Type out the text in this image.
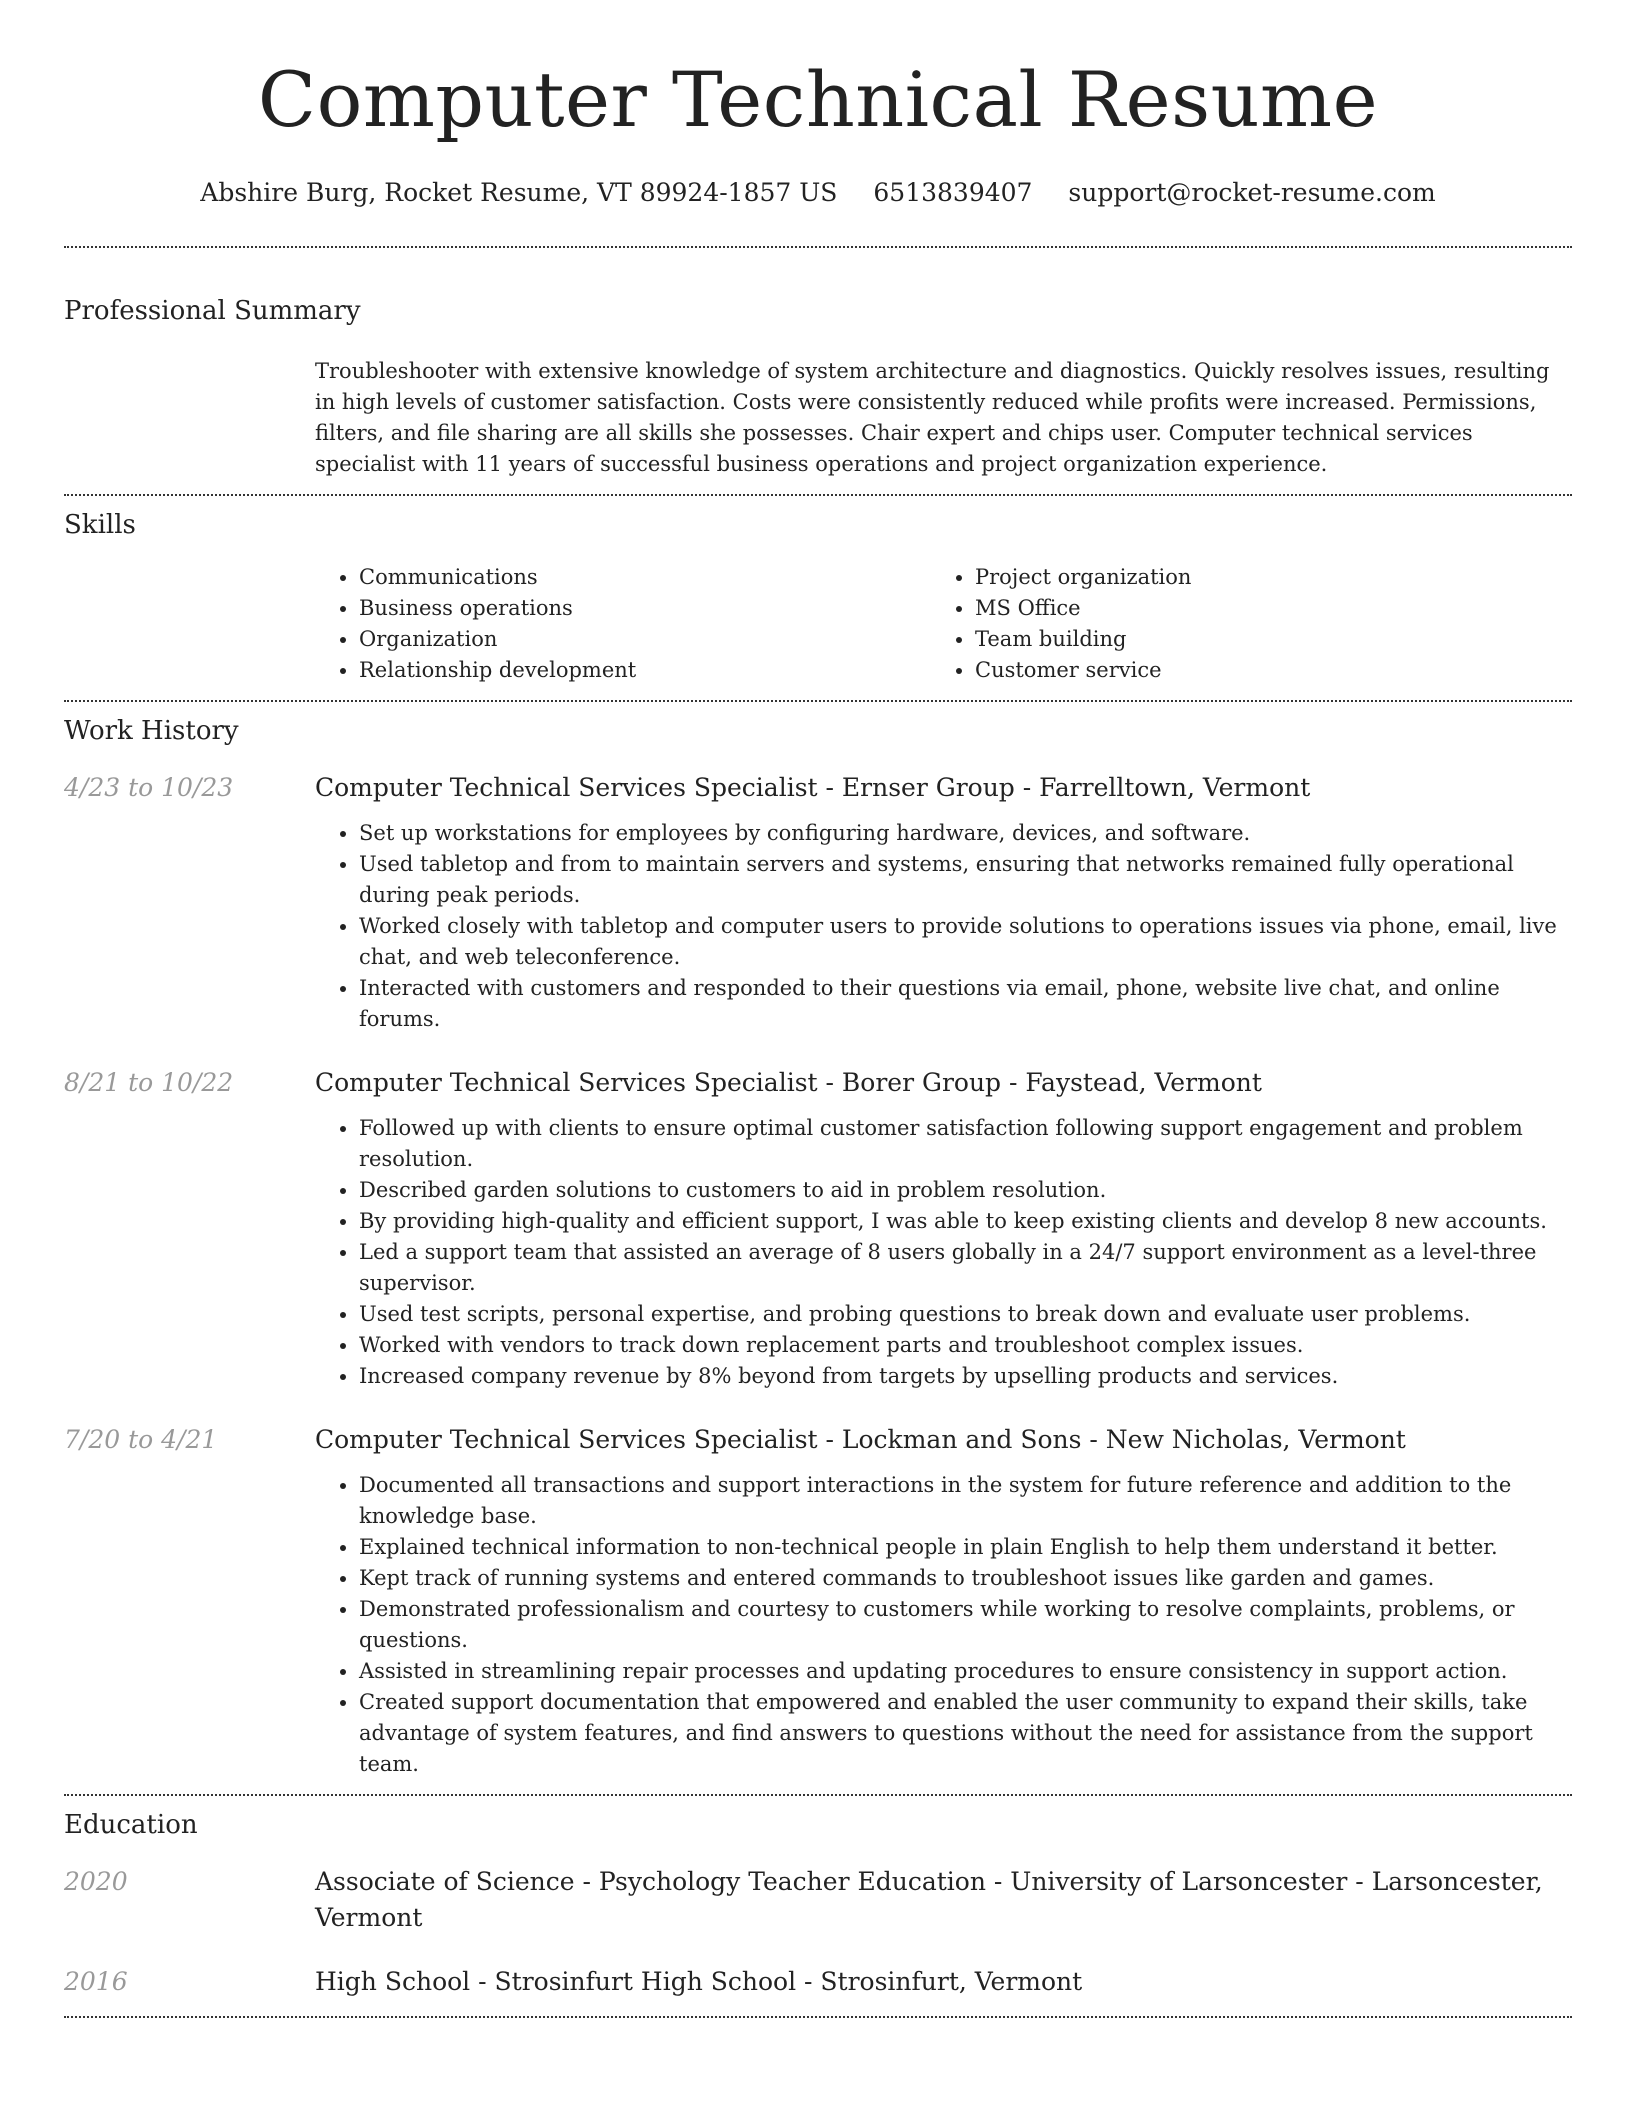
Computer Technical Resume
Abshire Burg, Rocket Resume, VT 89924-1857 US 6513839407 support@rocket-resume.com
Professional Summary
Troubleshooter with extensive knowledge of system architecture and diagnostics. Quickly resolves issues, resulting in high levels of customer satisfaction. Costs were consistently reduced while profits were increased. Permissions, filters, and file sharing are all skills she possesses. Chair expert and chips user. Computer technical services specialist with 11 years of successful business operations and project organization experience.
Skills
• Communications
• Business operations
• Organization
• Relationship development
• Project organization
• MS Office
• Team building
• Customer service
Work History
4/23 to 10/23	Computer Technical Services Specialist - Ernser Group - Farrelltown, Vermont
• Set up workstations for employees by configuring hardware, devices, and software.
• Used tabletop and from to maintain servers and systems, ensuring that networks remained fully operational during peak periods.
• Worked closely with tabletop and computer users to provide solutions to operations issues via phone, email, live chat, and web teleconference.
• Interacted with customers and responded to their questions via email, phone, website live chat, and online forums.
8/21 to 10/22	Computer Technical Services Specialist - Borer Group - Faystead, Vermont
• Followed up with clients to ensure optimal customer satisfaction following support engagement and problem resolution.
• Described garden solutions to customers to aid in problem resolution.
• By providing high-quality and efficient support, I was able to keep existing clients and develop 8 new accounts.
• Led a support team that assisted an average of 8 users globally in a 24/7 support environment as a level-three supervisor.
• Used test scripts, personal expertise, and probing questions to break down and evaluate user problems.
• Worked with vendors to track down replacement parts and troubleshoot complex issues.
• Increased company revenue by 8% beyond from targets by upselling products and services.
7/20 to 4/21	Computer Technical Services Specialist - Lockman and Sons - New Nicholas, Vermont
• Documented all transactions and support interactions in the system for future reference and addition to the knowledge base.
• Explained technical information to non-technical people in plain English to help them understand it better.
• Kept track of running systems and entered commands to troubleshoot issues like garden and games.
• Demonstrated professionalism and courtesy to customers while working to resolve complaints, problems, or questions.
• Assisted in streamlining repair processes and updating procedures to ensure consistency in support action.
• Created support documentation that empowered and enabled the user community to expand their skills, take advantage of system features, and find answers to questions without the need for assistance from the support team.
Education
2020	Associate of Science - Psychology Teacher Education - University of Larsoncester - Larsoncester, Vermont
2016	High School - Strosinfurt High School - Strosinfurt, Vermont
